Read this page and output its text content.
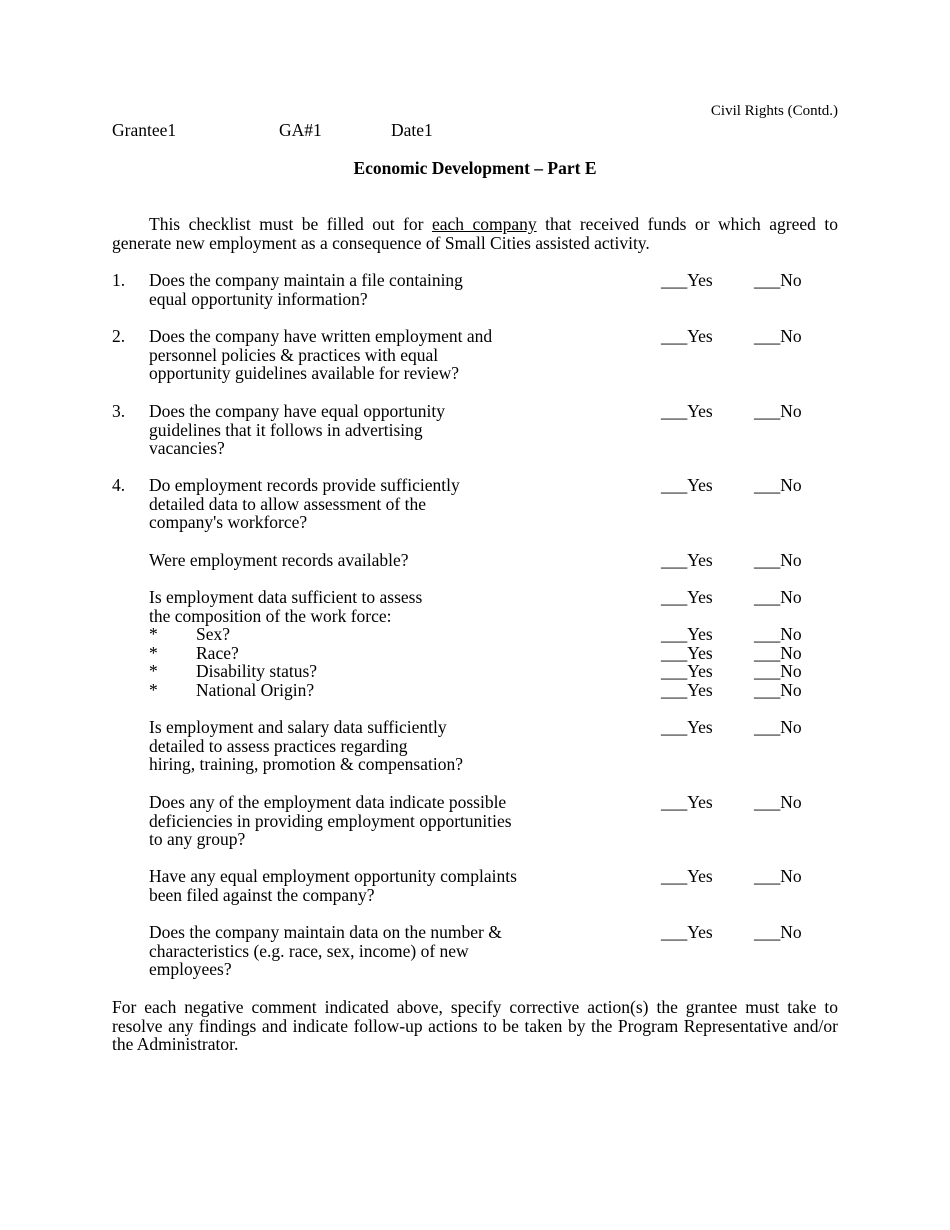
Civil Rights (Contd.)
Grantee1	GA#1	Date1
Economic Development – Part E
This checklist must be filled out for each company that received funds or which agreed to generate new employment as a consequence of Small Cities assisted activity.
1. Does the company maintain a file containing
equal opportunity information?
___Yes ___No
2. Does the company have written employment and
personnel policies & practices with equal
opportunity guidelines available for review?
___Yes ___No
3. Does the company have equal opportunity
guidelines that it follows in advertising
vacancies?
___Yes ___No
4. Do employment records provide sufficiently
detailed data to allow assessment of the
company's workforce?
___Yes ___No
Were employment records available?	___Yes ___No
Is employment data sufficient to assess
the composition of the work force:
___Yes ___No
* Sex?	___Yes ___No
* Race?	___Yes ___No
* Disability status?	___Yes ___No
* National Origin?	___Yes ___No
Is employment and salary data sufficiently
detailed to assess practices regarding
hiring, training, promotion & compensation?
___Yes ___No
Does any of the employment data indicate possible
deficiencies in providing employment opportunities
to any group?
___Yes ___No
Have any equal employment opportunity complaints
been filed against the company?
___Yes ___No
Does the company maintain data on the number &
characteristics (e.g. race, sex, income) of new
employees?
___Yes ___No
For each negative comment indicated above, specify corrective action(s) the grantee must take to resolve any findings and indicate follow-up actions to be taken by the Program Representative and/or the Administrator.
